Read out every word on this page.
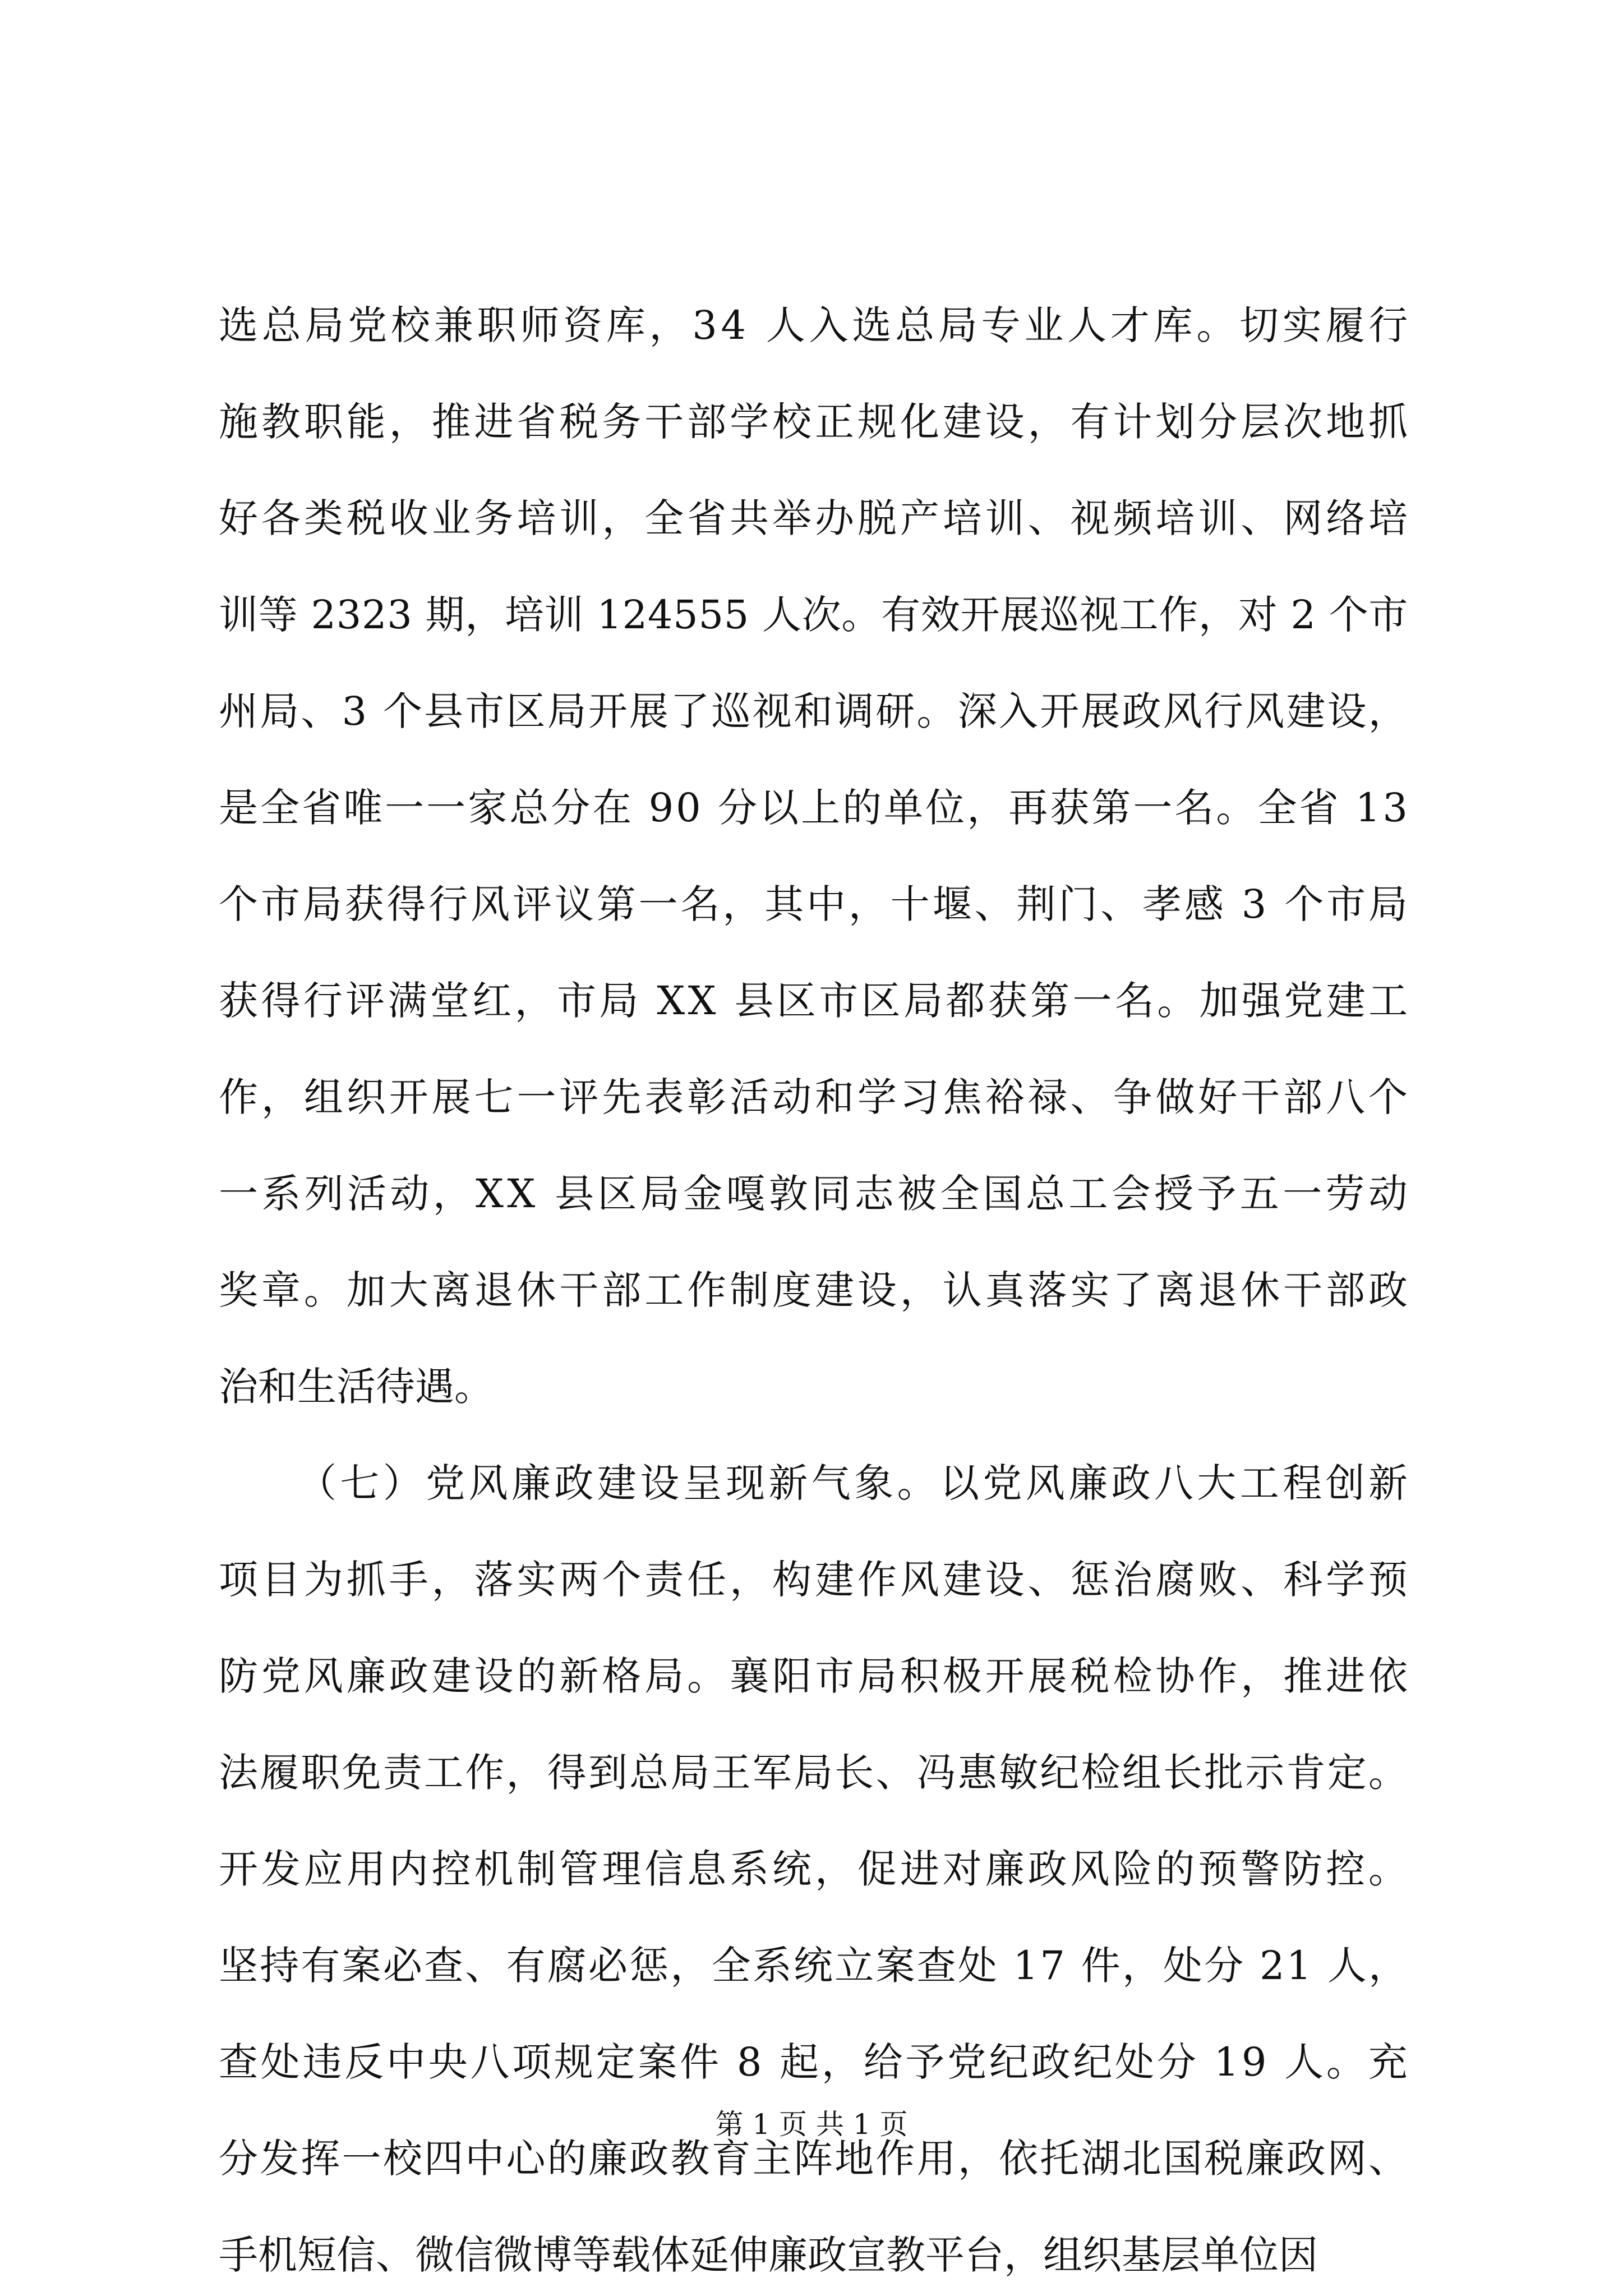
选总局党校兼职师资库，34 人入选总局专业人才库。切实履行
施教职能，推进省税务干部学校正规化建设，有计划分层次地抓
好各类税收业务培训，全省共举办脱产培训、视频培训、网络培
训等 2323 期，培训 124555 人次。有效开展巡视工作，对 2 个市
州局、3 个县市区局开展了巡视和调研。深入开展政风行风建设，
是全省唯一一家总分在 90 分以上的单位，再获第一名。全省 13
个市局获得行风评议第一名，其中，十堰、荆门、孝感 3 个市局
获得行评满堂红，市局 XX 县区市区局都获第一名。加强党建工
作，组织开展七一评先表彰活动和学习焦裕禄、争做好干部八个
一系列活动，XX 县区局金嘎敦同志被全国总工会授予五一劳动
奖章。加大离退休干部工作制度建设，认真落实了离退休干部政
治和生活待遇。
（七）党风廉政建设呈现新气象。以党风廉政八大工程创新
项目为抓手，落实两个责任，构建作风建设、惩治腐败、科学预
防党风廉政建设的新格局。襄阳市局积极开展税检协作，推进依
法履职免责工作，得到总局王军局长、冯惠敏纪检组长批示肯定。
开发应用内控机制管理信息系统，促进对廉政风险的预警防控。
坚持有案必查、有腐必惩，全系统立案查处 17 件，处分 21 人，
查处违反中央八项规定案件 8 起，给予党纪政纪处分 19 人。充
分发挥一校四中心的廉政教育主阵地作用，依托湖北国税廉政网、
手机短信、微信微博等载体延伸廉政宣教平台，组织基层单位因
第 1 页 共 1 页
